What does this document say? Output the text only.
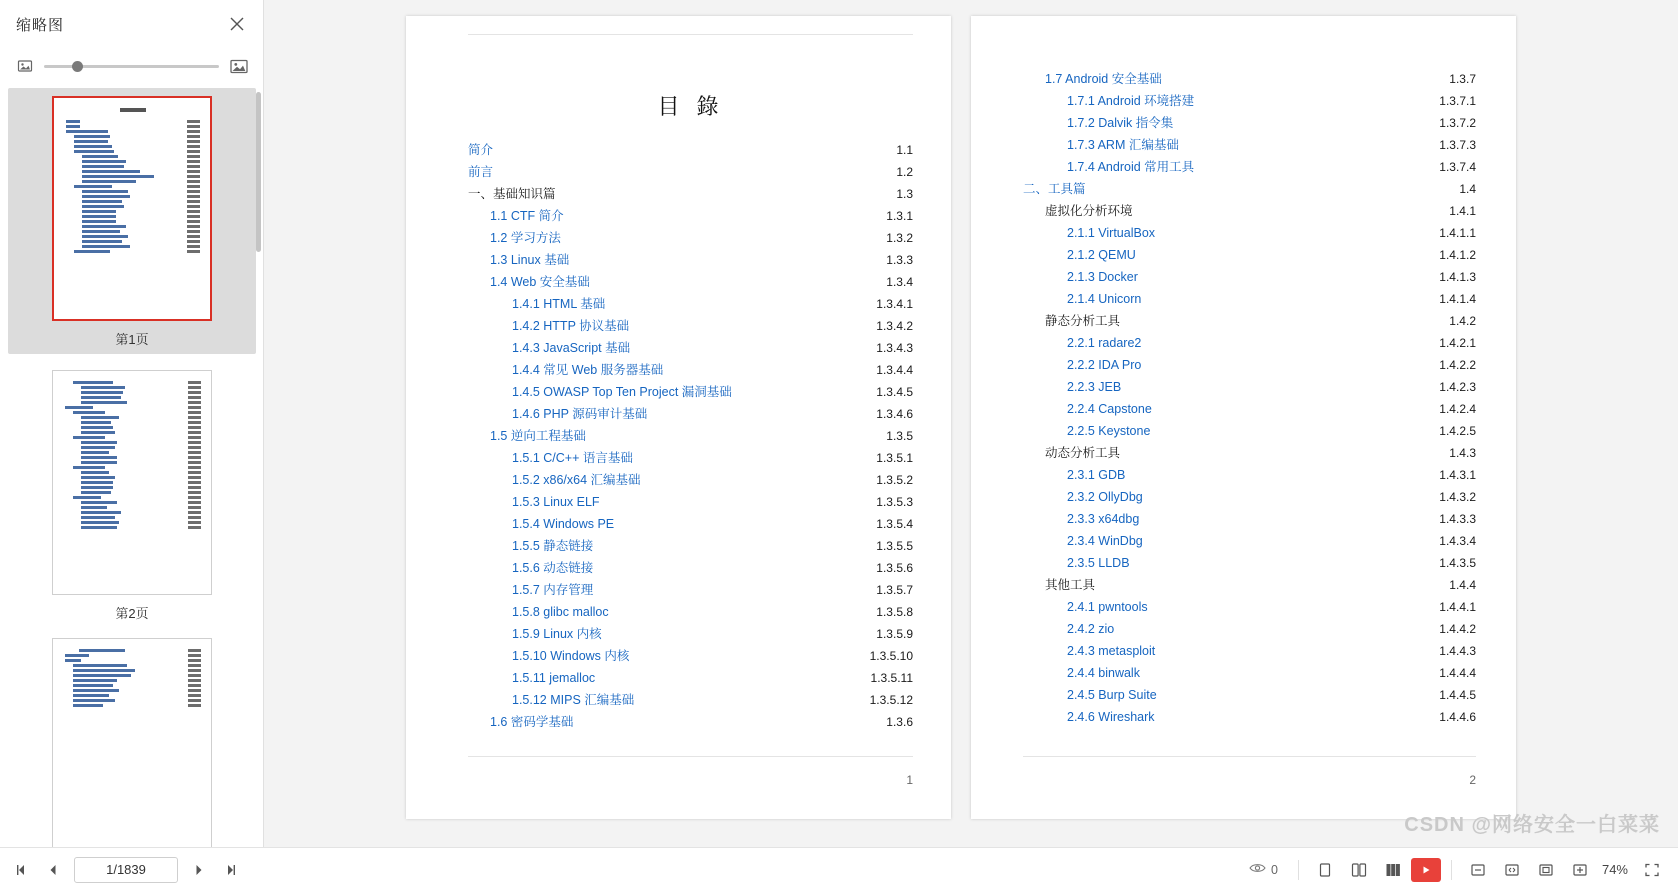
缩略图
第1页
第2页
目 錄
简介	1.1
前言	1.2
一、基础知识篇	1.3
1.1 CTF 简介	1.3.1
1.2 学习方法	1.3.2
1.3 Linux 基础	1.3.3
1.4 Web 安全基础	1.3.4
1.4.1 HTML 基础	1.3.4.1
1.4.2 HTTP 协议基础	1.3.4.2
1.4.3 JavaScript 基础	1.3.4.3
1.4.4 常见 Web 服务器基础	1.3.4.4
1.4.5 OWASP Top Ten Project 漏洞基础	1.3.4.5
1.4.6 PHP 源码审计基础	1.3.4.6
1.5 逆向工程基础	1.3.5
1.5.1 C/C++ 语言基础	1.3.5.1
1.5.2 x86/x64 汇编基础	1.3.5.2
1.5.3 Linux ELF	1.3.5.3
1.5.4 Windows PE	1.3.5.4
1.5.5 静态链接	1.3.5.5
1.5.6 动态链接	1.3.5.6
1.5.7 内存管理	1.3.5.7
1.5.8 glibc malloc	1.3.5.8
1.5.9 Linux 内核	1.3.5.9
1.5.10 Windows 内核	1.3.5.10
1.5.11 jemalloc	1.3.5.11
1.5.12 MIPS 汇编基础	1.3.5.12
1.6 密码学基础	1.3.6
1
1.7 Android 安全基础	1.3.7
1.7.1 Android 环境搭建	1.3.7.1
1.7.2 Dalvik 指令集	1.3.7.2
1.7.3 ARM 汇编基础	1.3.7.3
1.7.4 Android 常用工具	1.3.7.4
二、工具篇	1.4
虚拟化分析环境	1.4.1
2.1.1 VirtualBox	1.4.1.1
2.1.2 QEMU	1.4.1.2
2.1.3 Docker	1.4.1.3
2.1.4 Unicorn	1.4.1.4
静态分析工具	1.4.2
2.2.1 radare2	1.4.2.1
2.2.2 IDA Pro	1.4.2.2
2.2.3 JEB	1.4.2.3
2.2.4 Capstone	1.4.2.4
2.2.5 Keystone	1.4.2.5
动态分析工具	1.4.3
2.3.1 GDB	1.4.3.1
2.3.2 OllyDbg	1.4.3.2
2.3.3 x64dbg	1.4.3.3
2.3.4 WinDbg	1.4.3.4
2.3.5 LLDB	1.4.3.5
其他工具	1.4.4
2.4.1 pwntools	1.4.4.1
2.4.2 zio	1.4.4.2
2.4.3 metasploit	1.4.4.3
2.4.4 binwalk	1.4.4.4
2.4.5 Burp Suite	1.4.4.5
2.4.6 Wireshark	1.4.4.6
2
CSDN @网络安全一白菜菜
1/1839
0	74%
